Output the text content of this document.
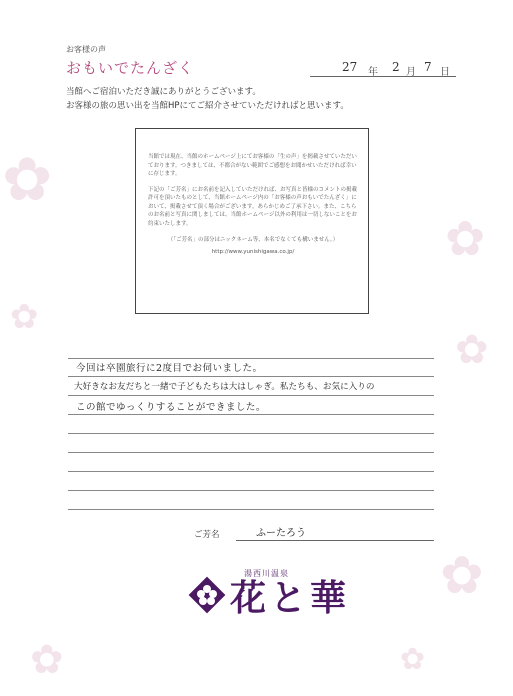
✿
✿
✿
✿
✿
✿	✿
お客様の声
おもいでたんざく	27 年 2 月 7 日
当館へご宿泊いただき誠にありがとうございます。
お客様の旅の思い出を当館HPにてご紹介させていただければと思います。

当館では現在、当館のホームページ上にてお客様の「生の声」を掲載させていただいております。つきましては、不都合がない範囲でご感想をお聞かせいただければ幸いに存じます。

下記の「ご芳名」にお名前を記入していただければ、お写真と皆様のコメントの掲載許可を頂いたものとして、当館ホームページ内の「お客様の声おもいでたんざく」において、掲載させて頂く場合がございます。あらかじめご了承下さい。また、こちらのお名前と写真に関しましては、当館ホームページ以外の利用は一切しないことをお約束いたします。

（「ご芳名」の部分はニックネーム等、本名でなくても構いません。）
http://www.yunishigawa.co.jp/
今回は卒園旅行に2度目でお伺いました。
大好きなお友だちと一緒で子どもたちは大はしゃぎ。私たちも、お気に入りの
この館でゆっくりすることができました。
ご芳名	ふーたろう
湯西川温泉
花と華
